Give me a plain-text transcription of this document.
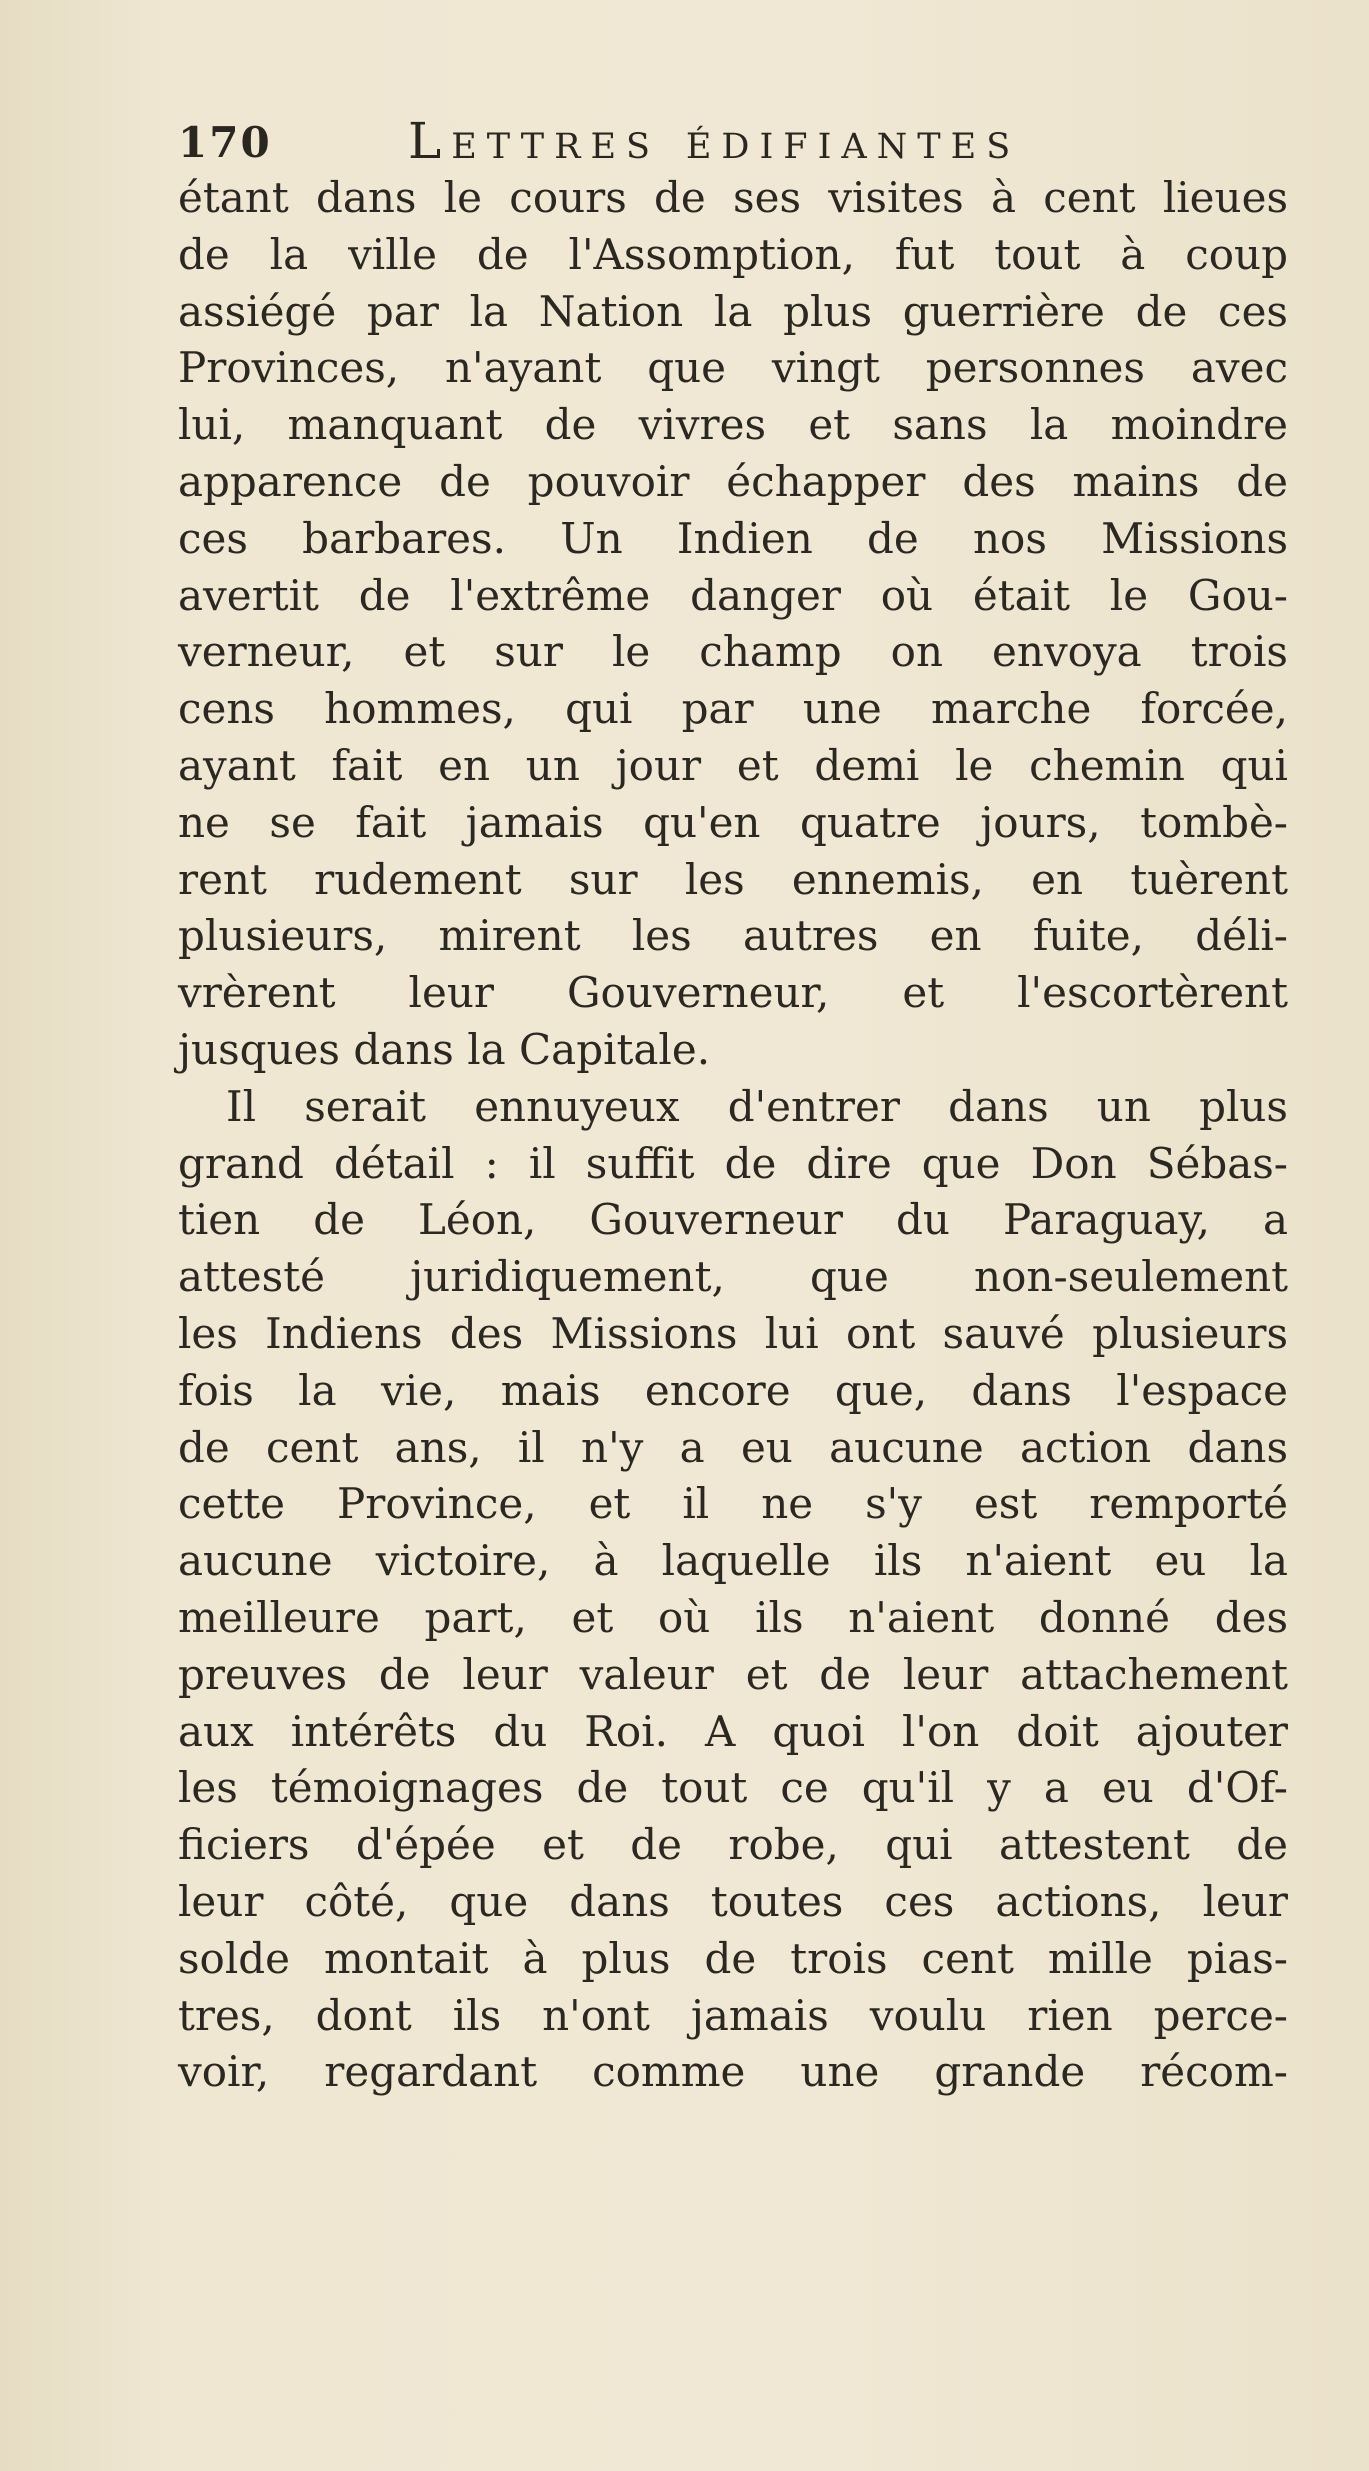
170	Lettres édifiantes
étant dans le cours de ses visites à cent lieues
de la ville de l'Assomption, fut tout à coup
assiégé par la Nation la plus guerrière de ces
Provinces, n'ayant que vingt personnes avec
lui, manquant de vivres et sans la moindre
apparence de pouvoir échapper des mains de
ces barbares. Un Indien de nos Missions
avertit de l'extrême danger où était le Gou-
verneur, et sur le champ on envoya trois
cens hommes, qui par une marche forcée,
ayant fait en un jour et demi le chemin qui
ne se fait jamais qu'en quatre jours, tombè-
rent rudement sur les ennemis, en tuèrent
plusieurs, mirent les autres en fuite, déli-
vrèrent leur Gouverneur, et l'escortèrent
jusques dans la Capitale.
Il serait ennuyeux d'entrer dans un plus
grand détail : il suffit de dire que Don Sébas-
tien de Léon, Gouverneur du Paraguay, a
attesté juridiquement, que non-seulement
les Indiens des Missions lui ont sauvé plusieurs
fois la vie, mais encore que, dans l'espace
de cent ans, il n'y a eu aucune action dans
cette Province, et il ne s'y est remporté
aucune victoire, à laquelle ils n'aient eu la
meilleure part, et où ils n'aient donné des
preuves de leur valeur et de leur attachement
aux intérêts du Roi. A quoi l'on doit ajouter
les témoignages de tout ce qu'il y a eu d'Of-
ficiers d'épée et de robe, qui attestent de
leur côté, que dans toutes ces actions, leur
solde montait à plus de trois cent mille pias-
tres, dont ils n'ont jamais voulu rien perce-
voir, regardant comme une grande récom-
